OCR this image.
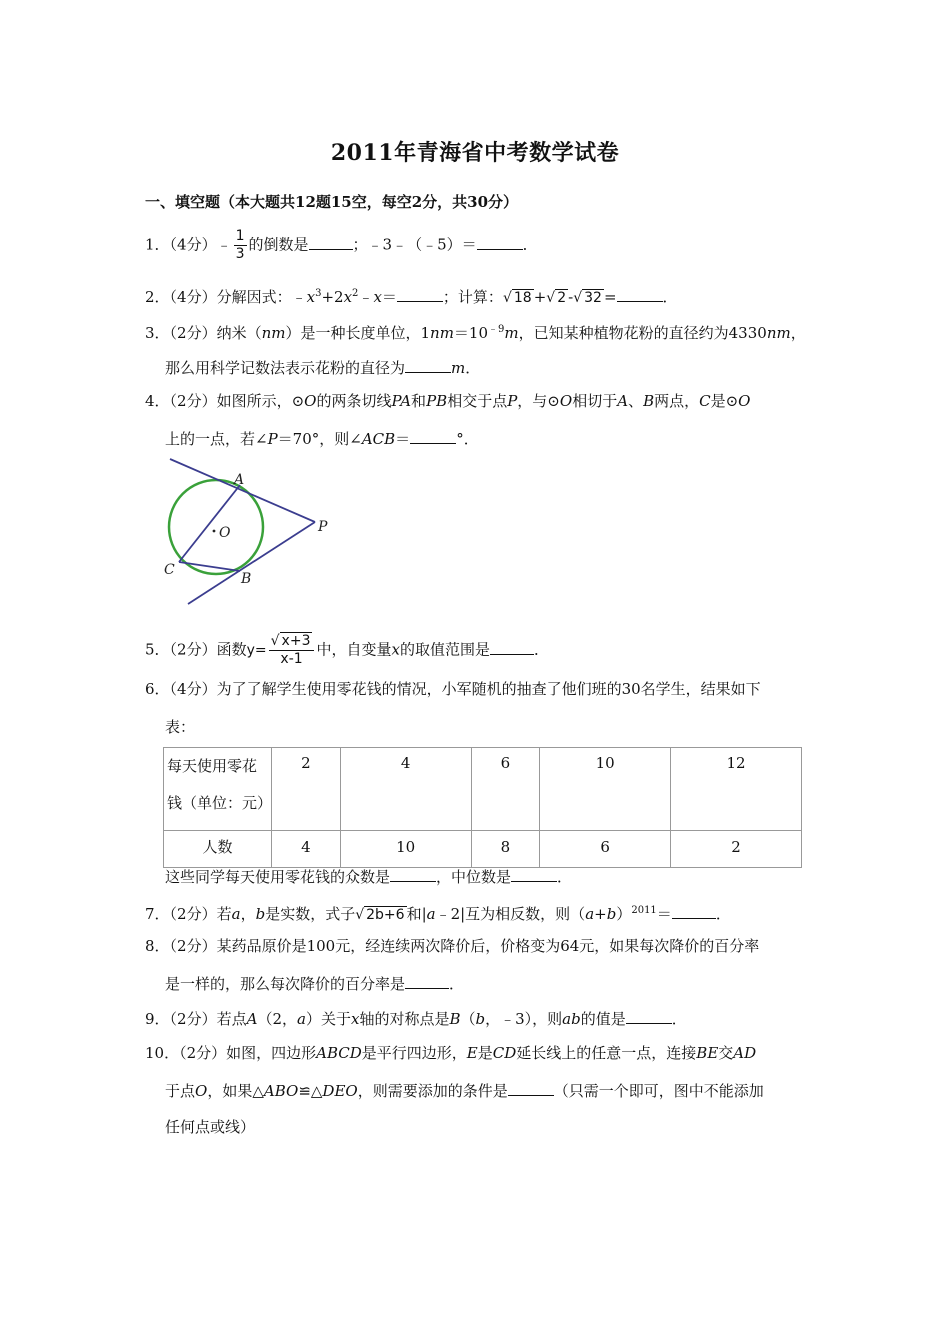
2011年青海省中考数学试卷
一、填空题（本大题共12题15空，每空2分，共30分）
1．（4分）﹣ $\frac{1}{3}$ 的倒数是	；﹣3﹣（﹣5）＝	．
2．（4分）分解因式：$﹣x^3+2x^2﹣x=$	；计算：√ 18 +√ 2 -√ 32 =	．
3．（2分）纳米（nm）是一种长度单位，$1nm=10^{﹣9}m$，已知某种植物花粉的直径约为4330nm，
那么用科学记数法表示花粉的直径为	m．
4．（2分）如图所示，⊙O的两条切线PA和PB相交于点P，与⊙O相切于A、B两点，C是⊙O
上的一点，若∠P＝70°，则∠ACB＝	°．
A
B
C
O	P
5．（2分）函数$y= \frac{√ x+3}{x-1}$ 中，自变量x的取值范围是	．
6．（4分）为了了解学生使用零花钱的情况，小军随机的抽查了他们班的30名学生，结果如下
表：
每天使用零花
钱（单位：元）	2	4	6	10	12
人数	4	10	8	6	2
这些同学每天使用零花钱的众数是	，中位数是	．
7．（2分）若a，b是实数，式子√ 2b+6 和|a﹣2|互为相反数，则$(a+b)^{2011}=$	．
8．（2分）某药品原价是100元，经连续两次降价后，价格变为64元，如果每次降价的百分率
是一样的，那么每次降价的百分率是	．
9．（2分）若点A（2，a）关于x轴的对称点是B（b，﹣3），则ab的值是	．
10．（2分）如图，四边形ABCD是平行四边形，E是CD延长线上的任意一点，连接BE交AD
于点O，如果△ABO≌△DEO，则需要添加的条件是	（只需一个即可，图中不能添加
任何点或线）
